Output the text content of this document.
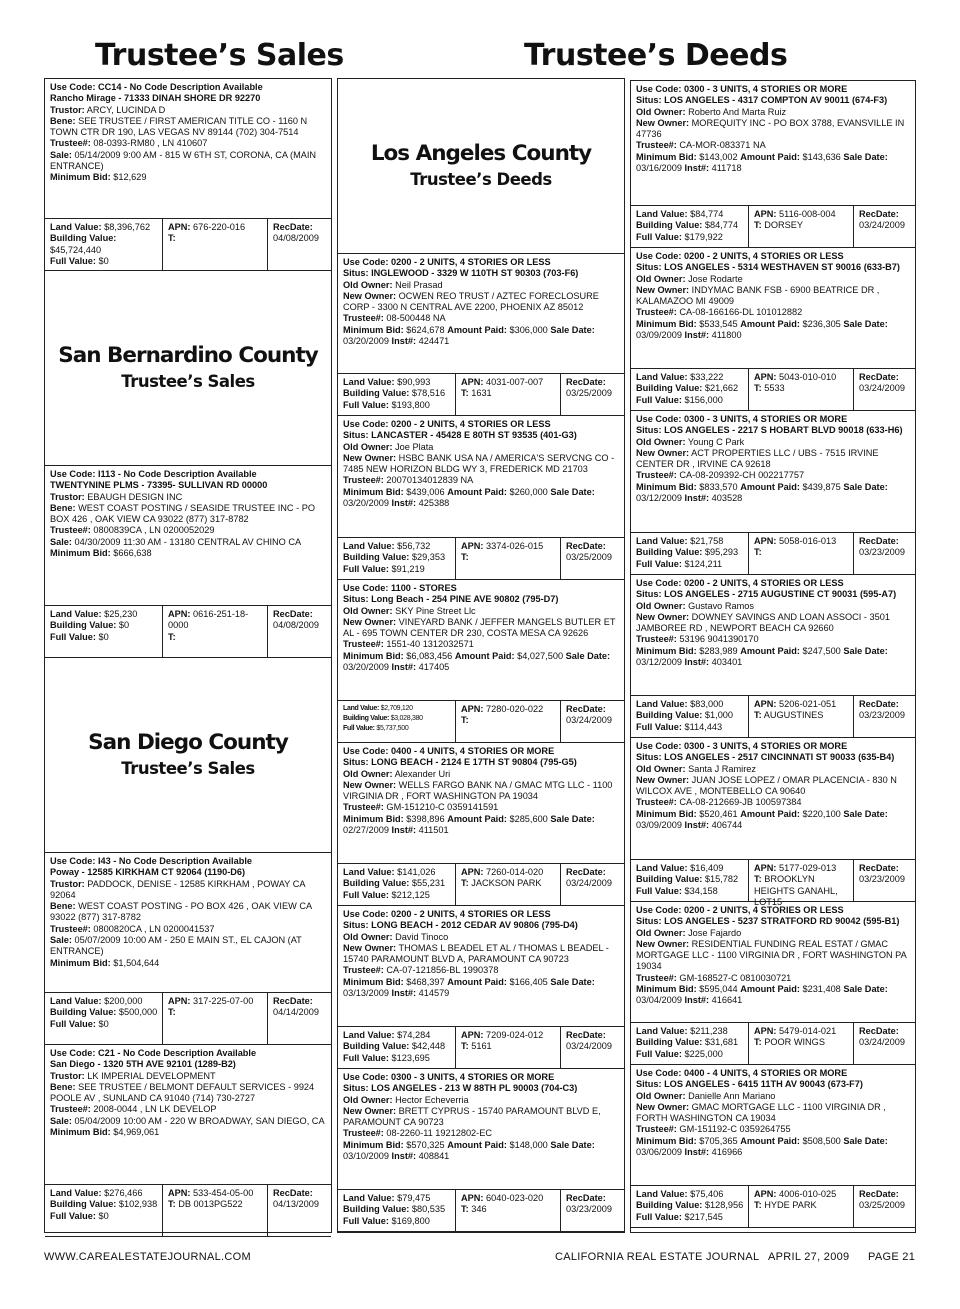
Trustee’s Sales	Trustee’s Deeds
Use Code: CC14 - No Code Description Available
Rancho Mirage - 71333 DINAH SHORE DR 92270
Trustor: ARCY, LUCINDA D
Bene: SEE TRUSTEE / FIRST AMERICAN TITLE CO - 1160 N TOWN CTR DR 190, LAS VEGAS NV 89144 (702) 304-7514
Trustee#: 08-0393-RM80 , LN 410607
Sale: 05/14/2009 9:00 AM - 815 W 6TH ST, CORONA, CA (MAIN ENTRANCE)
Minimum Bid: $12,629
Land Value: $8,396,762
Building Value: $45,724,440
Full Value: $0
APN: 676-220-016
T:
RecDate:
04/08/2009
San Bernardino County
Trustee’s Sales
Use Code: I113 - No Code Description Available
TWENTYNINE PLMS - 73395- SULLIVAN RD 00000
Trustor: EBAUGH DESIGN INC
Bene: WEST COAST POSTING / SEASIDE TRUSTEE INC - PO BOX 426 , OAK VIEW CA 93022 (877) 317-8782
Trustee#: 0800839CA , LN 0200052029
Sale: 04/30/2009 11:30 AM - 13180 CENTRAL AV CHINO CA
Minimum Bid: $666,638
Land Value: $25,230
Building Value: $0
Full Value: $0
APN: 0616-251-18-0000
T:
RecDate:
04/08/2009
San Diego County
Trustee’s Sales
Use Code: I43 - No Code Description Available
Poway - 12585 KIRKHAM CT 92064 (1190-D6)
Trustor: PADDOCK, DENISE - 12585 KIRKHAM , POWAY CA 92064
Bene: WEST COAST POSTING - PO BOX 426 , OAK VIEW CA 93022 (877) 317-8782
Trustee#: 0800820CA , LN 0200041537
Sale: 05/07/2009 10:00 AM - 250 E MAIN ST., EL CAJON (AT ENTRANCE)
Minimum Bid: $1,504,644
Land Value: $200,000
Building Value: $500,000
Full Value: $0
APN: 317-225-07-00
T:
RecDate:
04/14/2009
Use Code: C21 - No Code Description Available
San Diego - 1320 5TH AVE 92101 (1289-B2)
Trustor: LK IMPERIAL DEVELOPMENT
Bene: SEE TRUSTEE / BELMONT DEFAULT SERVICES - 9924 POOLE AV , SUNLAND CA 91040 (714) 730-2727
Trustee#: 2008-0044 , LN LK DEVELOP
Sale: 05/04/2009 10:00 AM - 220 W BROADWAY, SAN DIEGO, CA
Minimum Bid: $4,969,061
Land Value: $276,466
Building Value: $102,938
Full Value: $0
APN: 533-454-05-00
T: DB 0013PG522
RecDate:
04/13/2009
Los Angeles County
Trustee’s Deeds
Use Code: 0200 - 2 UNITS, 4 STORIES OR LESS
Situs: INGLEWOOD - 3329 W 110TH ST 90303 (703-F6)
Old Owner: Neil Prasad
New Owner: OCWEN REO TRUST / AZTEC FORECLOSURE CORP - 3300 N CENTRAL AVE 2200, PHOENIX AZ 85012
Trustee#: 08-500448 NA
Minimum Bid: $624,678 Amount Paid: $306,000 Sale Date: 03/20/2009 Inst#: 424471
Land Value: $90,993
Building Value: $78,516
Full Value: $193,800
APN: 4031-007-007
T: 1631
RecDate:
03/25/2009
Use Code: 0200 - 2 UNITS, 4 STORIES OR LESS
Situs: LANCASTER - 45428 E 80TH ST 93535 (401-G3)
Old Owner: Joe Plata
New Owner: HSBC BANK USA NA / AMERICA'S SERVCNG CO - 7485 NEW HORIZON BLDG WY 3, FREDERICK MD 21703
Trustee#: 20070134012839 NA
Minimum Bid: $439,006 Amount Paid: $260,000 Sale Date: 03/20/2009 Inst#: 425388
Land Value: $56,732
Building Value: $29,353
Full Value: $91,219
APN: 3374-026-015
T:
RecDate:
03/25/2009
Use Code: 1100 - STORES
Situs: Long Beach - 254 PINE AVE 90802 (795-D7)
Old Owner: SKY Pine Street Llc
New Owner: VINEYARD BANK / JEFFER MANGELS BUTLER ET AL - 695 TOWN CENTER DR 230, COSTA MESA CA 92626
Trustee#: 1551-40 1312032571
Minimum Bid: $6,083,456 Amount Paid: $4,027,500 Sale Date: 03/20/2009 Inst#: 417405
Land Value: $2,709,120
Building Value: $3,028,380
Full Value: $5,737,500
APN: 7280-020-022
T:
RecDate:
03/24/2009
Use Code: 0400 - 4 UNITS, 4 STORIES OR MORE
Situs: LONG BEACH - 2124 E 17TH ST 90804 (795-G5)
Old Owner: Alexander Uri
New Owner: WELLS FARGO BANK NA / GMAC MTG LLC - 1100 VIRGINIA DR , FORT WASHINGTON PA 19034
Trustee#: GM-151210-C 0359141591
Minimum Bid: $398,896 Amount Paid: $285,600 Sale Date: 02/27/2009 Inst#: 411501
Land Value: $141,026
Building Value: $55,231
Full Value: $212,125
APN: 7260-014-020
T: JACKSON PARK
RecDate:
03/24/2009
Use Code: 0200 - 2 UNITS, 4 STORIES OR LESS
Situs: LONG BEACH - 2012 CEDAR AV 90806 (795-D4)
Old Owner: David Tinoco
New Owner: THOMAS L BEADEL ET AL / THOMAS L BEADEL - 15740 PARAMOUNT BLVD A, PARAMOUNT CA 90723
Trustee#: CA-07-121856-BL 1990378
Minimum Bid: $468,397 Amount Paid: $166,405 Sale Date: 03/13/2009 Inst#: 414579
Land Value: $74,284
Building Value: $42,448
Full Value: $123,695
APN: 7209-024-012
T: 5161
RecDate:
03/24/2009
Use Code: 0300 - 3 UNITS, 4 STORIES OR MORE
Situs: LOS ANGELES - 213 W 88TH PL 90003 (704-C3)
Old Owner: Hector Echeverria
New Owner: BRETT CYPRUS - 15740 PARAMOUNT BLVD E, PARAMOUNT CA 90723
Trustee#: 08-2260-11 19212802-EC
Minimum Bid: $570,325 Amount Paid: $148,000 Sale Date: 03/10/2009 Inst#: 408841
Land Value: $79,475
Building Value: $80,535
Full Value: $169,800
APN: 6040-023-020
T: 346
RecDate:
03/23/2009
Use Code: 0300 - 3 UNITS, 4 STORIES OR MORE
Situs: LOS ANGELES - 4317 COMPTON AV 90011 (674-F3)
Old Owner: Roberto And Marta Ruiz
New Owner: MOREQUITY INC - PO BOX 3788, EVANSVILLE IN 47736
Trustee#: CA-MOR-083371 NA
Minimum Bid: $143,002 Amount Paid: $143,636 Sale Date: 03/16/2009 Inst#: 411718
Land Value: $84,774
Building Value: $84,774
Full Value: $179,922
APN: 5116-008-004
T: DORSEY
RecDate:
03/24/2009
Use Code: 0200 - 2 UNITS, 4 STORIES OR LESS
Situs: LOS ANGELES - 5314 WESTHAVEN ST 90016 (633-B7)
Old Owner: Jose Rodarte
New Owner: INDYMAC BANK FSB - 6900 BEATRICE DR , KALAMAZOO MI 49009
Trustee#: CA-08-166166-DL 101012882
Minimum Bid: $533,545 Amount Paid: $236,305 Sale Date: 03/09/2009 Inst#: 411800
Land Value: $33,222
Building Value: $21,662
Full Value: $156,000
APN: 5043-010-010
T: 5533
RecDate:
03/24/2009
Use Code: 0300 - 3 UNITS, 4 STORIES OR MORE
Situs: LOS ANGELES - 2217 S HOBART BLVD 90018 (633-H6)
Old Owner: Young C Park
New Owner: ACT PROPERTIES LLC / UBS - 7515 IRVINE CENTER DR , IRVINE CA 92618
Trustee#: CA-08-209392-CH 002217757
Minimum Bid: $833,570 Amount Paid: $439,875 Sale Date: 03/12/2009 Inst#: 403528
Land Value: $21,758
Building Value: $95,293
Full Value: $124,211
APN: 5058-016-013
T:
RecDate:
03/23/2009
Use Code: 0200 - 2 UNITS, 4 STORIES OR LESS
Situs: LOS ANGELES - 2715 AUGUSTINE CT 90031 (595-A7)
Old Owner: Gustavo Ramos
New Owner: DOWNEY SAVINGS AND LOAN ASSOCI - 3501 JAMBOREE RD , NEWPORT BEACH CA 92660
Trustee#: 53196 9041390170
Minimum Bid: $283,989 Amount Paid: $247,500 Sale Date: 03/12/2009 Inst#: 403401
Land Value: $83,000
Building Value: $1,000
Full Value: $114,443
APN: 5206-021-051
T: AUGUSTINES
RecDate:
03/23/2009
Use Code: 0300 - 3 UNITS, 4 STORIES OR MORE
Situs: LOS ANGELES - 2517 CINCINNATI ST 90033 (635-B4)
Old Owner: Santa J Ramirez
New Owner: JUAN JOSE LOPEZ / OMAR PLACENCIA - 830 N WILCOX AVE , MONTEBELLO CA 90640
Trustee#: CA-08-212669-JB 100597384
Minimum Bid: $520,461 Amount Paid: $220,100 Sale Date: 03/09/2009 Inst#: 406744
Land Value: $16,409
Building Value: $15,782
Full Value: $34,158
APN: 5177-029-013
T: BROOKLYN HEIGHTS GANAHL, LOT15
RecDate:
03/23/2009
Use Code: 0200 - 2 UNITS, 4 STORIES OR LESS
Situs: LOS ANGELES - 5237 STRATFORD RD 90042 (595-B1)
Old Owner: Jose Fajardo
New Owner: RESIDENTIAL FUNDING REAL ESTAT / GMAC MORTGAGE LLC - 1100 VIRGINIA DR , FORT WASHINGTON PA 19034
Trustee#: GM-168527-C 0810030721
Minimum Bid: $595,044 Amount Paid: $231,408 Sale Date: 03/04/2009 Inst#: 416641
Land Value: $211,238
Building Value: $31,681
Full Value: $225,000
APN: 5479-014-021
T: POOR WINGS
RecDate:
03/24/2009
Use Code: 0400 - 4 UNITS, 4 STORIES OR MORE
Situs: LOS ANGELES - 6415 11TH AV 90043 (673-F7)
Old Owner: Danielle Ann Mariano
New Owner: GMAC MORTGAGE LLC - 1100 VIRGINIA DR , FORTH WASHINGTON CA 19034
Trustee#: GM-151192-C 0359264755
Minimum Bid: $705,365 Amount Paid: $508,500 Sale Date: 03/06/2009 Inst#: 416966
Land Value: $75,406
Building Value: $128,956
Full Value: $217,545
APN: 4006-010-025
T: HYDE PARK
RecDate:
03/25/2009
WWW.CAREALESTATEJOURNAL.COM	CALIFORNIA REAL ESTATE JOURNAL APRIL 27, 2009 PAGE 21
